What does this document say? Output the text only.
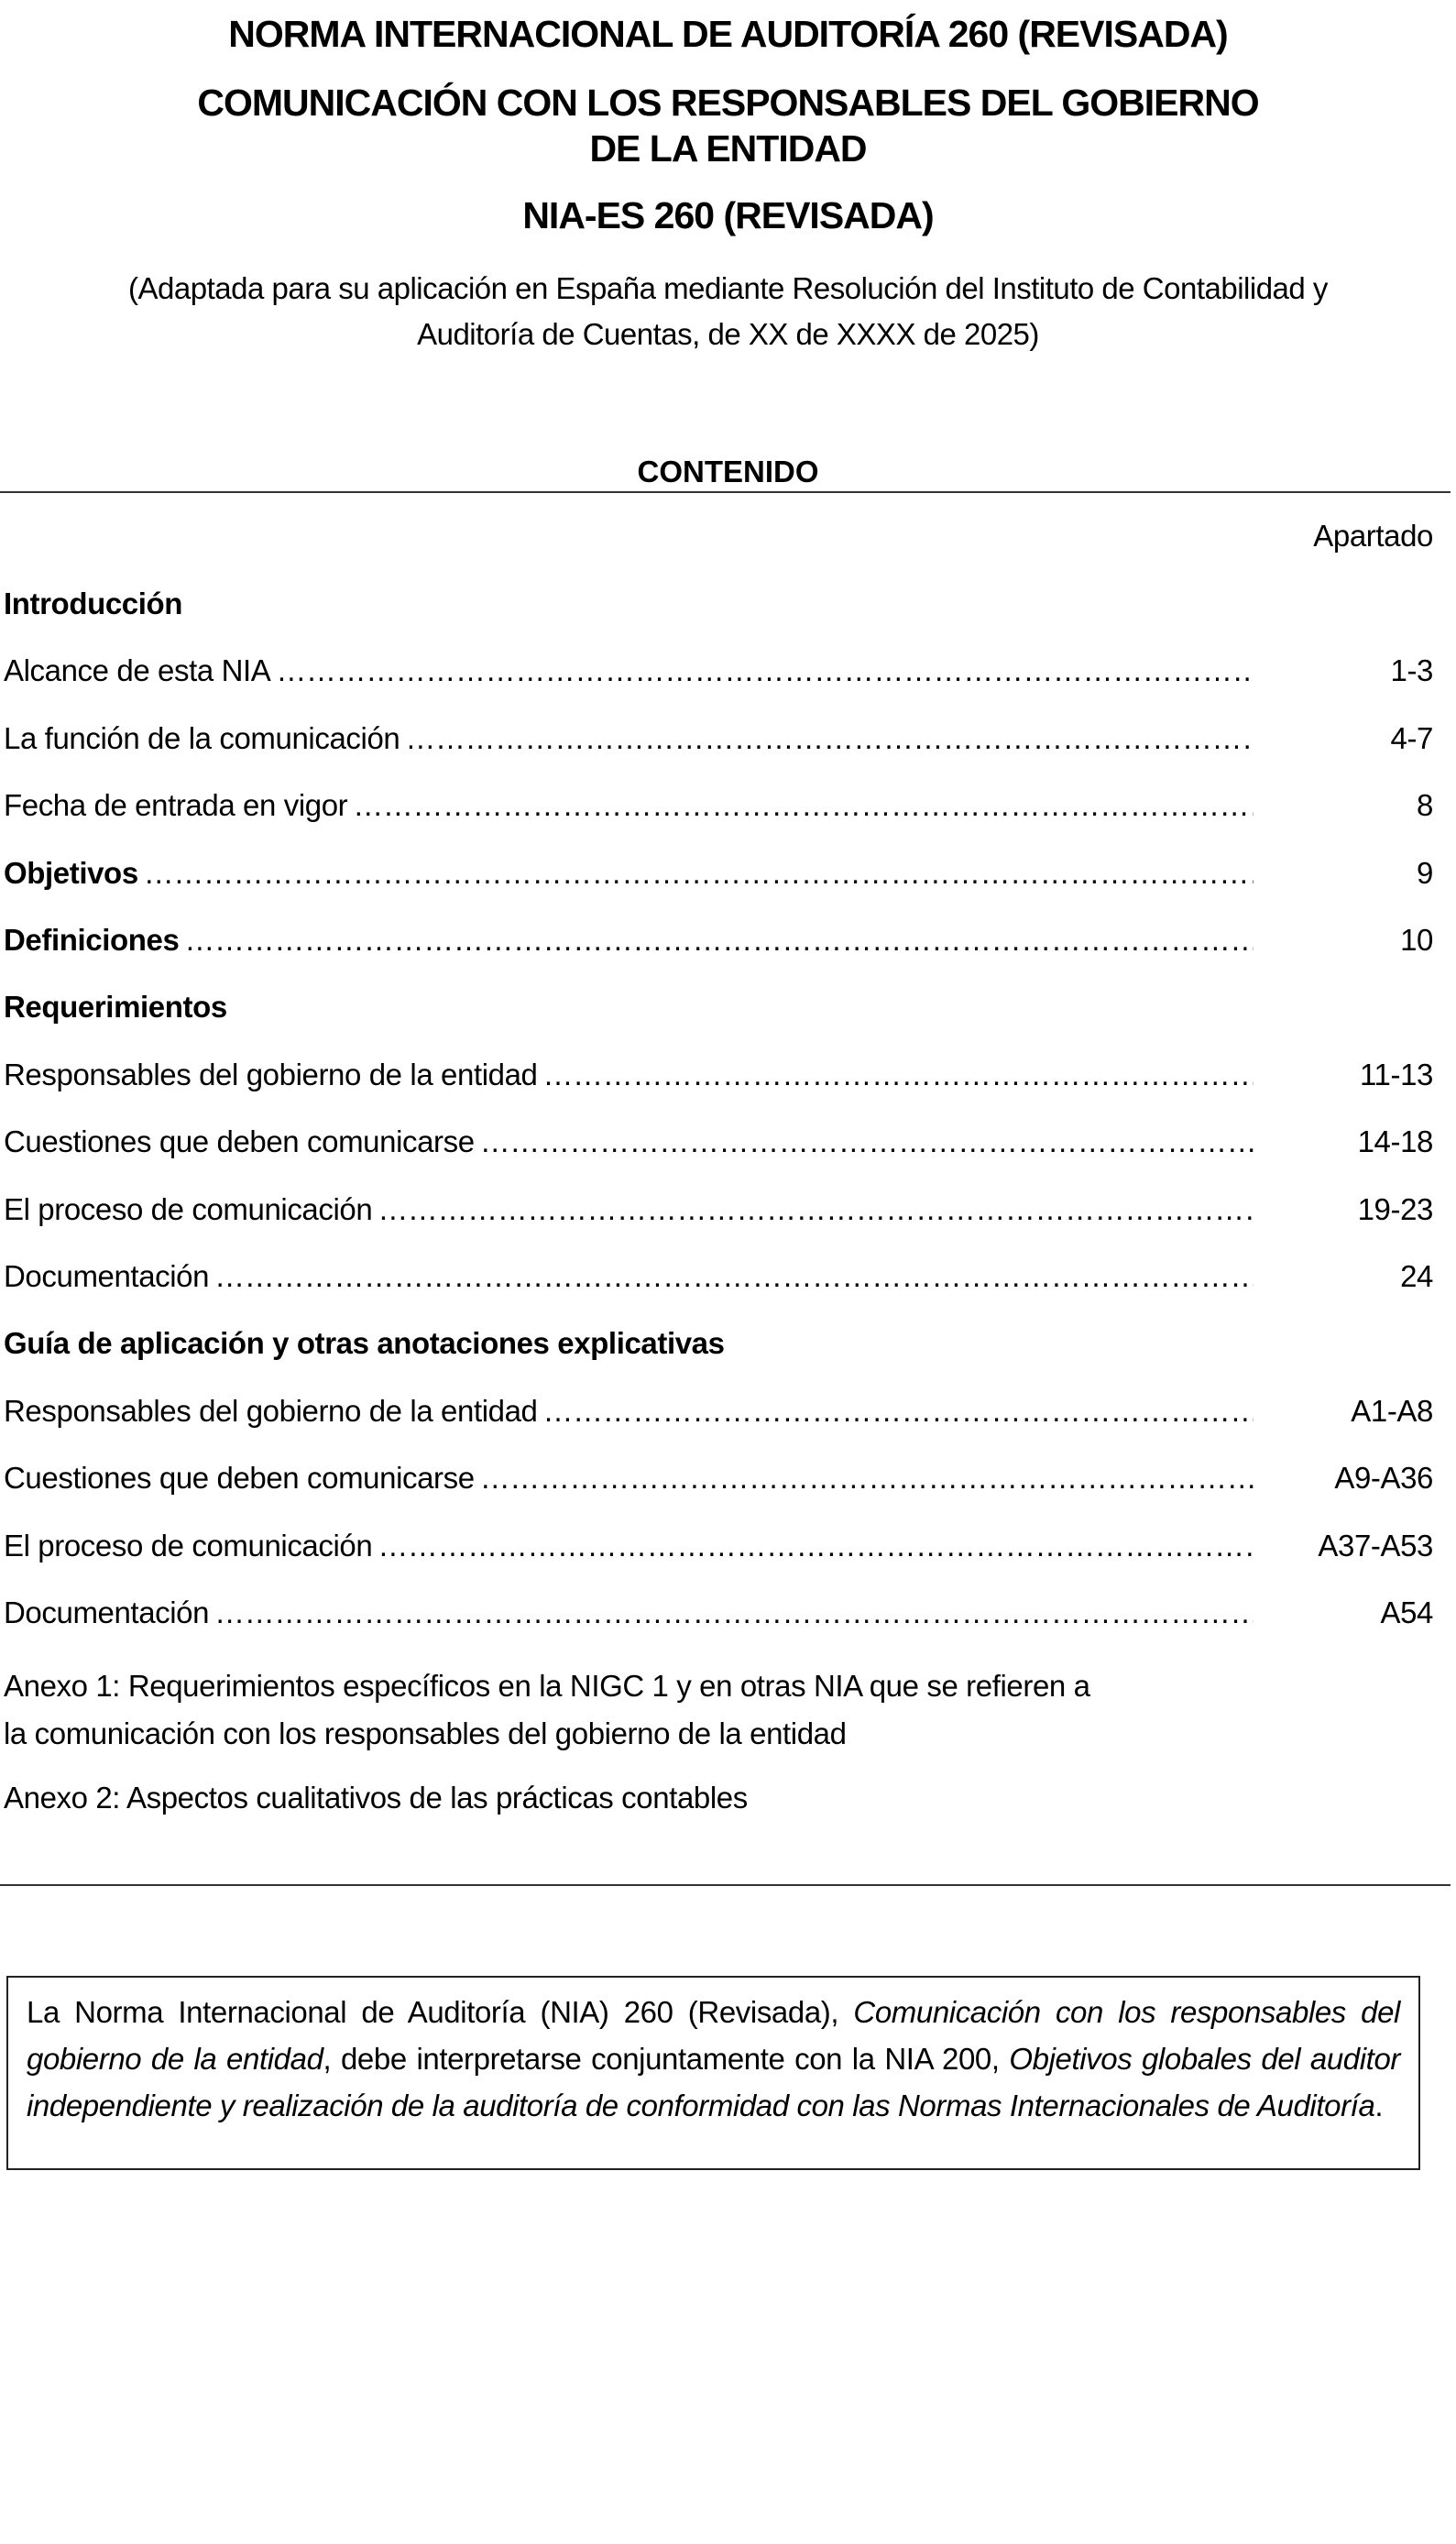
NORMA INTERNACIONAL DE AUDITORÍA 260 (REVISADA)
COMUNICACIÓN CON LOS RESPONSABLES DEL GOBIERNO
DE LA ENTIDAD
NIA-ES 260 (REVISADA)
(Adaptada para su aplicación en España mediante Resolución del Instituto de Contabilidad y
Auditoría de Cuentas, de XX de XXXX de 2025)
CONTENIDO
Apartado
Introducción
Alcance de esta NIA ………………………………………………………………………………………………………………………………………………………………	1-3
La función de la comunicación ………………………………………………………………………………………………………………………………………………………………	4-7
Fecha de entrada en vigor ………………………………………………………………………………………………………………………………………………………………	8
Objetivos ………………………………………………………………………………………………………………………………………………………………	9
Definiciones ………………………………………………………………………………………………………………………………………………………………	10
Requerimientos
Responsables del gobierno de la entidad ………………………………………………………………………………………………………………………………………………………………	11-13
Cuestiones que deben comunicarse ………………………………………………………………………………………………………………………………………………………………	14-18
El proceso de comunicación ………………………………………………………………………………………………………………………………………………………………	19-23
Documentación ………………………………………………………………………………………………………………………………………………………………	24
Guía de aplicación y otras anotaciones explicativas
Responsables del gobierno de la entidad ………………………………………………………………………………………………………………………………………………………………	A1-A8
Cuestiones que deben comunicarse ………………………………………………………………………………………………………………………………………………………………	A9-A36
El proceso de comunicación ………………………………………………………………………………………………………………………………………………………………	A37-A53
Documentación ………………………………………………………………………………………………………………………………………………………………	A54
Anexo 1: Requerimientos específicos en la NIGC 1 y en otras NIA que se refieren a
la comunicación con los responsables del gobierno de la entidad
Anexo 2: Aspectos cualitativos de las prácticas contables
La Norma Internacional de Auditoría (NIA) 260 (Revisada), Comunicación con los responsables del gobierno de la entidad, debe interpretarse conjuntamente con la NIA 200, Objetivos globales del auditor independiente y realización de la auditoría de conformidad con las Normas Internacionales de Auditoría.
